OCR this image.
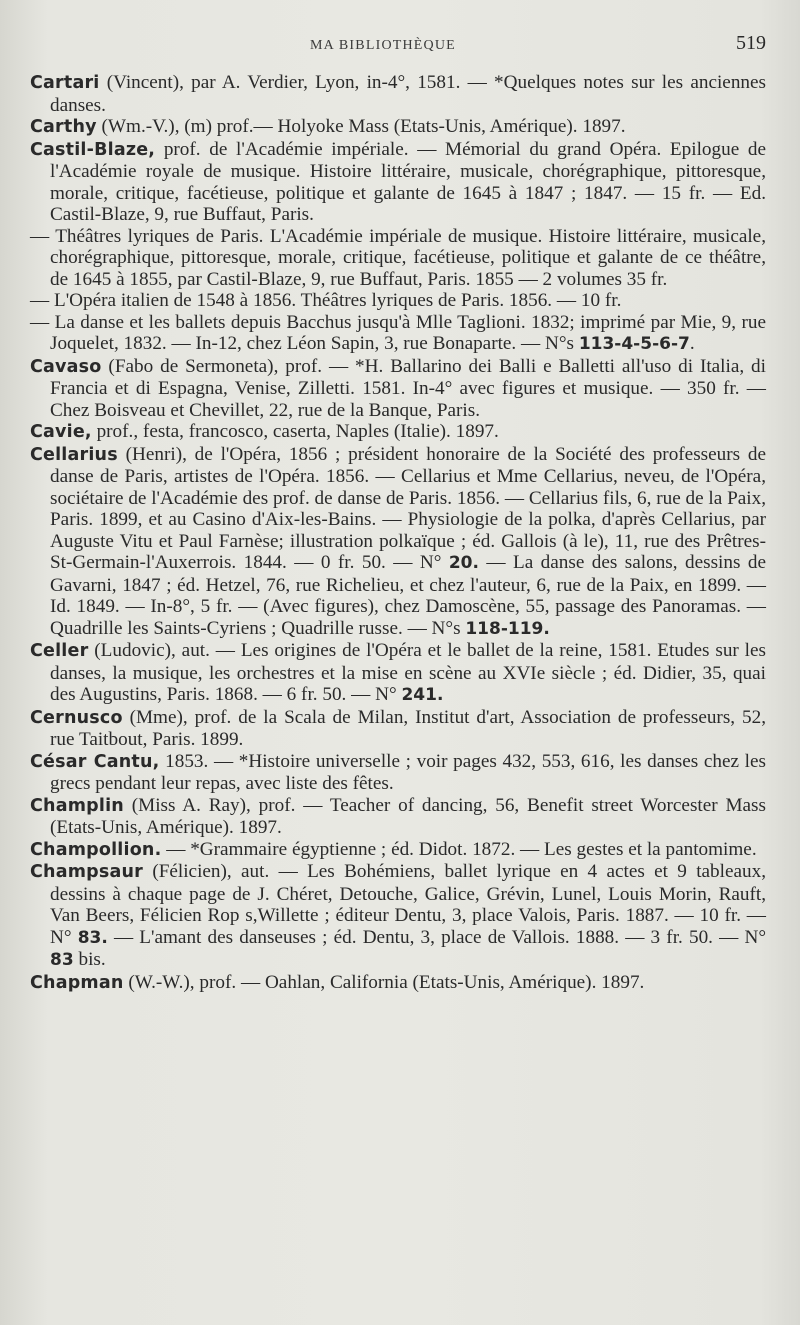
MA BIBLIOTHÈQUE	519

Cartari (Vincent), par A. Verdier, Lyon, in-4°, 1581. — *Quelques notes sur les anciennes danses.

Carthy (Wm.-V.), (m) prof.— Holyoke Mass (Etats-Unis, Amérique). 1897.

Castil-Blaze, prof. de l'Académie impériale. — Mémorial du grand Opéra. Epilogue de l'Académie royale de musique. Histoire littéraire, musicale, chorégraphique, pittoresque, morale, critique, facétieuse, politique et galante de 1645 à 1847 ; 1847. — 15 fr. — Ed. Castil-Blaze, 9, rue Buffaut, Paris.

— Théâtres lyriques de Paris. L'Académie impériale de musique. Histoire littéraire, musicale, chorégraphique, pittoresque, morale, critique, facétieuse, politique et galante de ce théâtre, de 1645 à 1855, par Castil-Blaze, 9, rue Buffaut, Paris. 1855 — 2 volumes 35 fr.

— L'Opéra italien de 1548 à 1856. Théâtres lyriques de Paris. 1856. — 10 fr.

— La danse et les ballets depuis Bacchus jusqu'à Mlle Taglioni. 1832; imprimé par Mie, 9, rue Joquelet, 1832. — In-12, chez Léon Sapin, 3, rue Bonaparte. — N°s 113-4-5-6-7.

Cavaso (Fabo de Sermoneta), prof. — *H. Ballarino dei Balli e Balletti all'uso di Italia, di Francia et di Espagna, Venise, Zilletti. 1581. In-4° avec figures et musique. — 350 fr. — Chez Boisveau et Chevillet, 22, rue de la Banque, Paris.

Cavie, prof., festa, francosco, caserta, Naples (Italie). 1897.

Cellarius (Henri), de l'Opéra, 1856 ; président honoraire de la Société des professeurs de danse de Paris, artistes de l'Opéra. 1856. — Cellarius et Mme Cellarius, neveu, de l'Opéra, sociétaire de l'Académie des prof. de danse de Paris. 1856. — Cellarius fils, 6, rue de la Paix, Paris. 1899, et au Casino d'Aix-les-Bains. — Physiologie de la polka, d'après Cellarius, par Auguste Vitu et Paul Farnèse; illustration polkaïque ; éd. Gallois (à le), 11, rue des Prêtres-St-Germain-l'Auxerrois. 1844. — 0 fr. 50. — N° 20. — La danse des salons, dessins de Gavarni, 1847 ; éd. Hetzel, 76, rue Richelieu, et chez l'auteur, 6, rue de la Paix, en 1899. — Id. 1849. — In-8°, 5 fr. — (Avec figures), chez Damoscène, 55, passage des Panoramas. — Quadrille les Saints-Cyriens ; Quadrille russe. — N°s 118-119.

Celler (Ludovic), aut. — Les origines de l'Opéra et le ballet de la reine, 1581. Etudes sur les danses, la musique, les orchestres et la mise en scène au XVIe siècle ; éd. Didier, 35, quai des Augustins, Paris. 1868. — 6 fr. 50. — N° 241.

Cernusco (Mme), prof. de la Scala de Milan, Institut d'art, Association de professeurs, 52, rue Taitbout, Paris. 1899.

César Cantu, 1853. — *Histoire universelle ; voir pages 432, 553, 616, les danses chez les grecs pendant leur repas, avec liste des fêtes.

Champlin (Miss A. Ray), prof. — Teacher of dancing, 56, Benefit street Worcester Mass (Etats-Unis, Amérique). 1897.

Champollion. — *Grammaire égyptienne ; éd. Didot. 1872. — Les gestes et la pantomime.

Champsaur (Félicien), aut. — Les Bohémiens, ballet lyrique en 4 actes et 9 tableaux, dessins à chaque page de J. Chéret, Detouche, Galice, Grévin, Lunel, Louis Morin, Rauft, Van Beers, Félicien Rop s,Willette ; éditeur Dentu, 3, place Valois, Paris. 1887. — 10 fr. — N° 83. — L'amant des danseuses ; éd. Dentu, 3, place de Vallois. 1888. — 3 fr. 50. — N° 83 bis.

Chapman (W.-W.), prof. — Oahlan, California (Etats-Unis, Amérique). 1897.
